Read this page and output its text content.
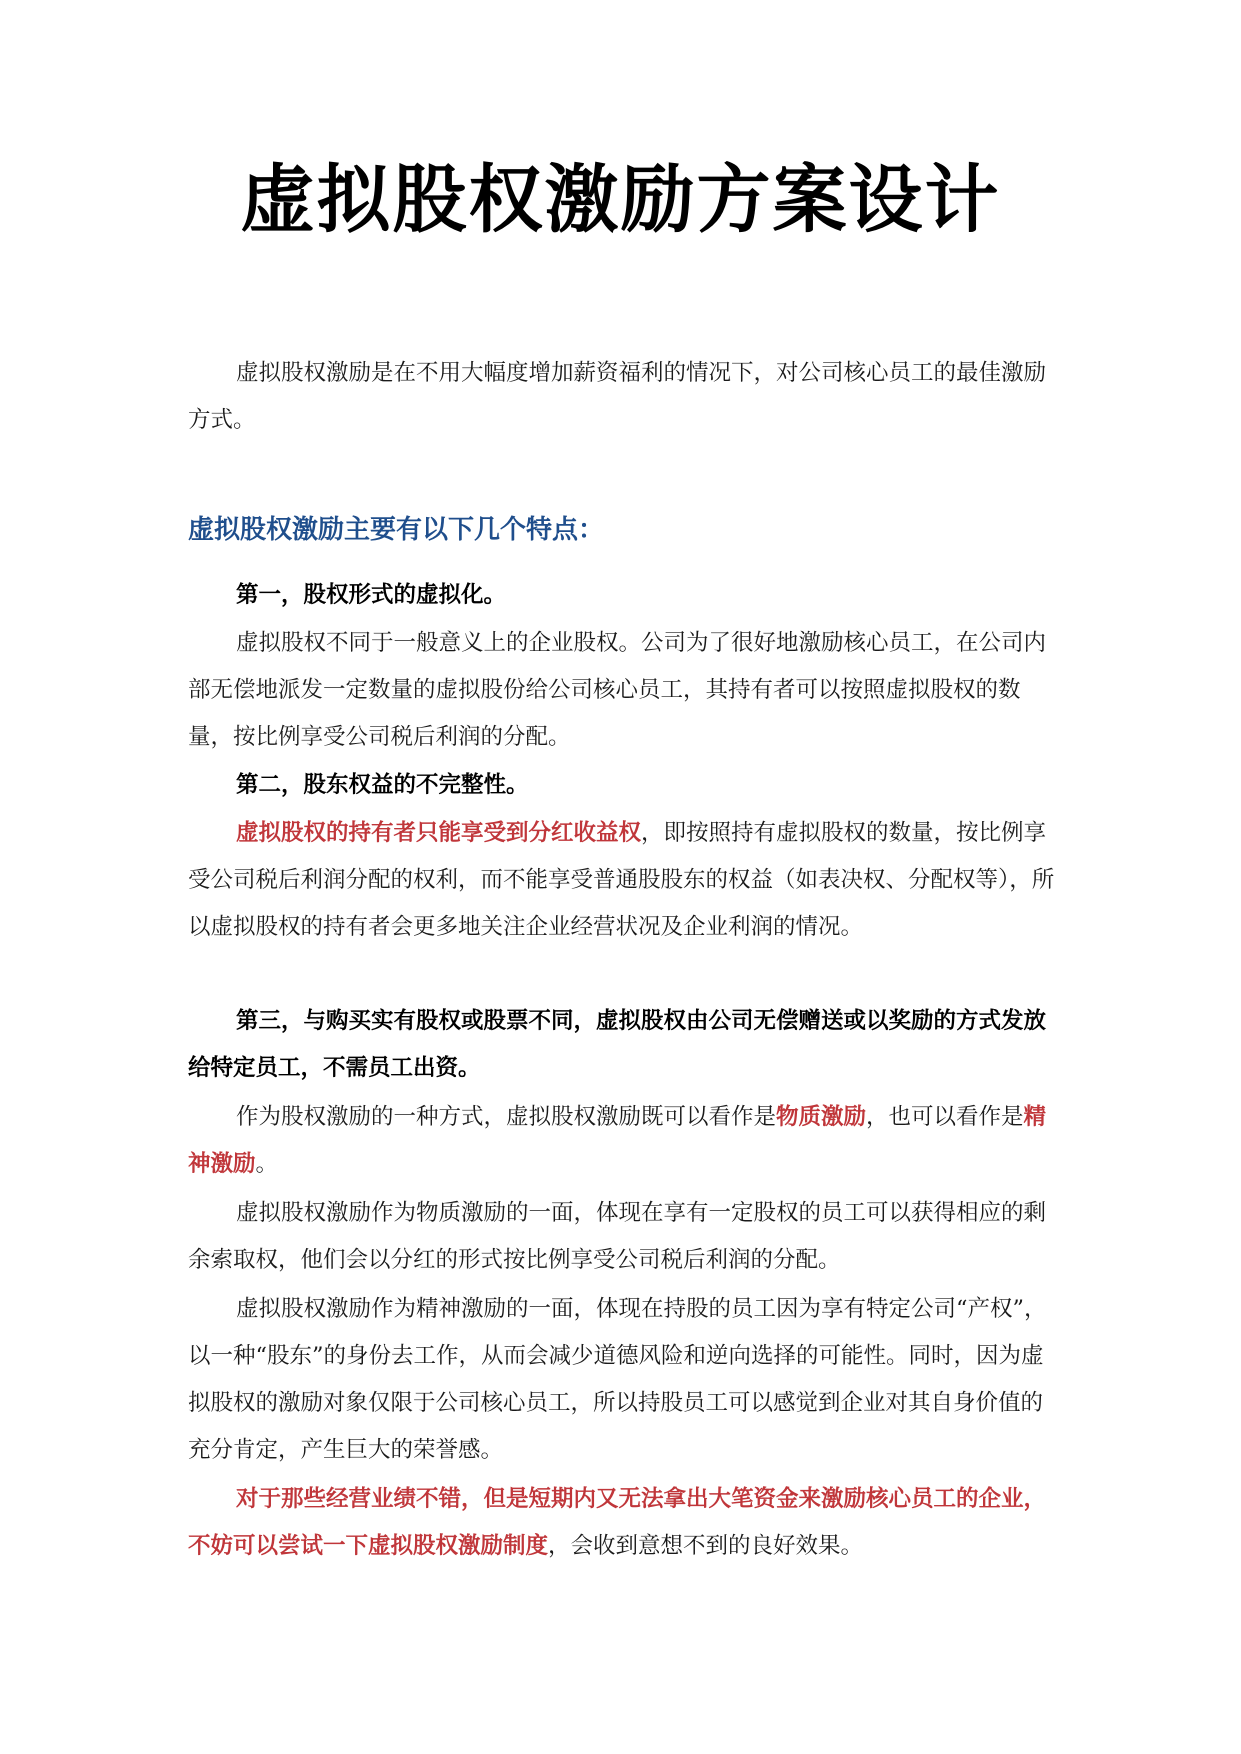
虚拟股权激励方案设计

虚拟股权激励是在不用大幅度增加薪资福利的情况下，对公司核心员工的最佳激励方式。

虚拟股权激励主要有以下几个特点：

第一，股权形式的虚拟化。

虚拟股权不同于一般意义上的企业股权。公司为了很好地激励核心员工，在公司内部无偿地派发一定数量的虚拟股份给公司核心员工，其持有者可以按照虚拟股权的数量，按比例享受公司税后利润的分配。

第二，股东权益的不完整性。

虚拟股权的持有者只能享受到分红收益权，即按照持有虚拟股权的数量，按比例享受公司税后利润分配的权利，而不能享受普通股股东的权益（如表决权、分配权等），所以虚拟股权的持有者会更多地关注企业经营状况及企业利润的情况。

第三，与购买实有股权或股票不同，虚拟股权由公司无偿赠送或以奖励的方式发放给特定员工，不需员工出资。

作为股权激励的一种方式，虚拟股权激励既可以看作是物质激励，也可以看作是精神激励。

虚拟股权激励作为物质激励的一面，体现在享有一定股权的员工可以获得相应的剩余索取权，他们会以分红的形式按比例享受公司税后利润的分配。

虚拟股权激励作为精神激励的一面，体现在持股的员工因为享有特定公司“产权”，以一种“股东”的身份去工作，从而会减少道德风险和逆向选择的可能性。同时，因为虚拟股权的激励对象仅限于公司核心员工，所以持股员工可以感觉到企业对其自身价值的充分肯定，产生巨大的荣誉感。

对于那些经营业绩不错，但是短期内又无法拿出大笔资金来激励核心员工的企业，不妨可以尝试一下虚拟股权激励制度，会收到意想不到的良好效果。
